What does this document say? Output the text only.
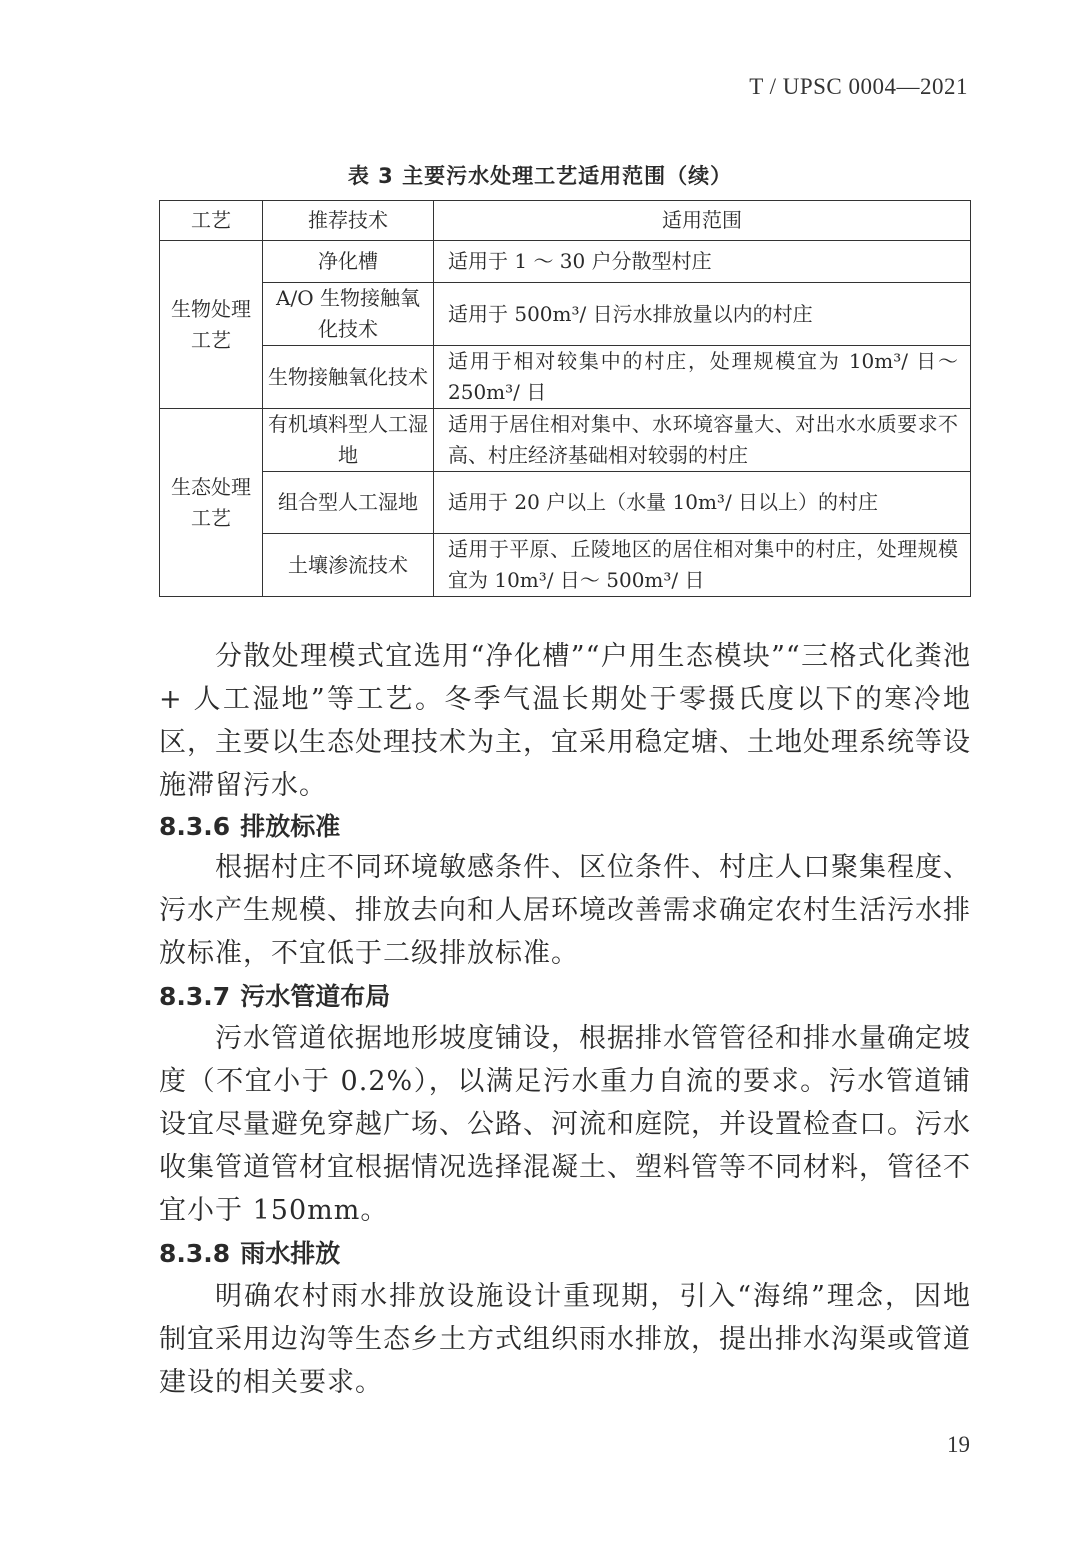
T / UPSC 0004—2021
表 3 主要污水处理工艺适用范围（续）
工艺	推荐技术	适用范围
生物处理工艺	净化槽	适用于 1 ～ 30 户分散型村庄
	A/O 生物接触氧化技术	适用于 500m³/ 日污水排放量以内的村庄
	生物接触氧化技术	适用于相对较集中的村庄，处理规模宜为 10m³/ 日～ 250m³/ 日
生态处理工艺	有机填料型人工湿地	适用于居住相对集中、水环境容量大、对出水水质要求不高、村庄经济基础相对较弱的村庄
	组合型人工湿地	适用于 20 户以上（水量 10m³/ 日以上）的村庄
	土壤渗流技术	适用于平原、丘陵地区的居住相对集中的村庄，处理规模宜为 10m³/ 日～ 500m³/ 日

分散处理模式宜选用“净化槽”“户用生态模块”“三格式化粪池 + 人工湿地”等工艺。冬季气温长期处于零摄氏度以下的寒冷地区，主要以生态处理技术为主，宜采用稳定塘、土地处理系统等设施滞留污水。

8.3.6 排放标准

根据村庄不同环境敏感条件、区位条件、村庄人口聚集程度、污水产生规模、排放去向和人居环境改善需求确定农村生活污水排放标准，不宜低于二级排放标准。

8.3.7 污水管道布局

污水管道依据地形坡度铺设，根据排水管管径和排水量确定坡度（不宜小于 0.2%），以满足污水重力自流的要求。污水管道铺设宜尽量避免穿越广场、公路、河流和庭院，并设置检查口。污水收集管道管材宜根据情况选择混凝土、塑料管等不同材料，管径不宜小于 150mm。

8.3.8 雨水排放

明确农村雨水排放设施设计重现期，引入“海绵”理念，因地制宜采用边沟等生态乡土方式组织雨水排放，提出排水沟渠或管道建设的相关要求。

19
